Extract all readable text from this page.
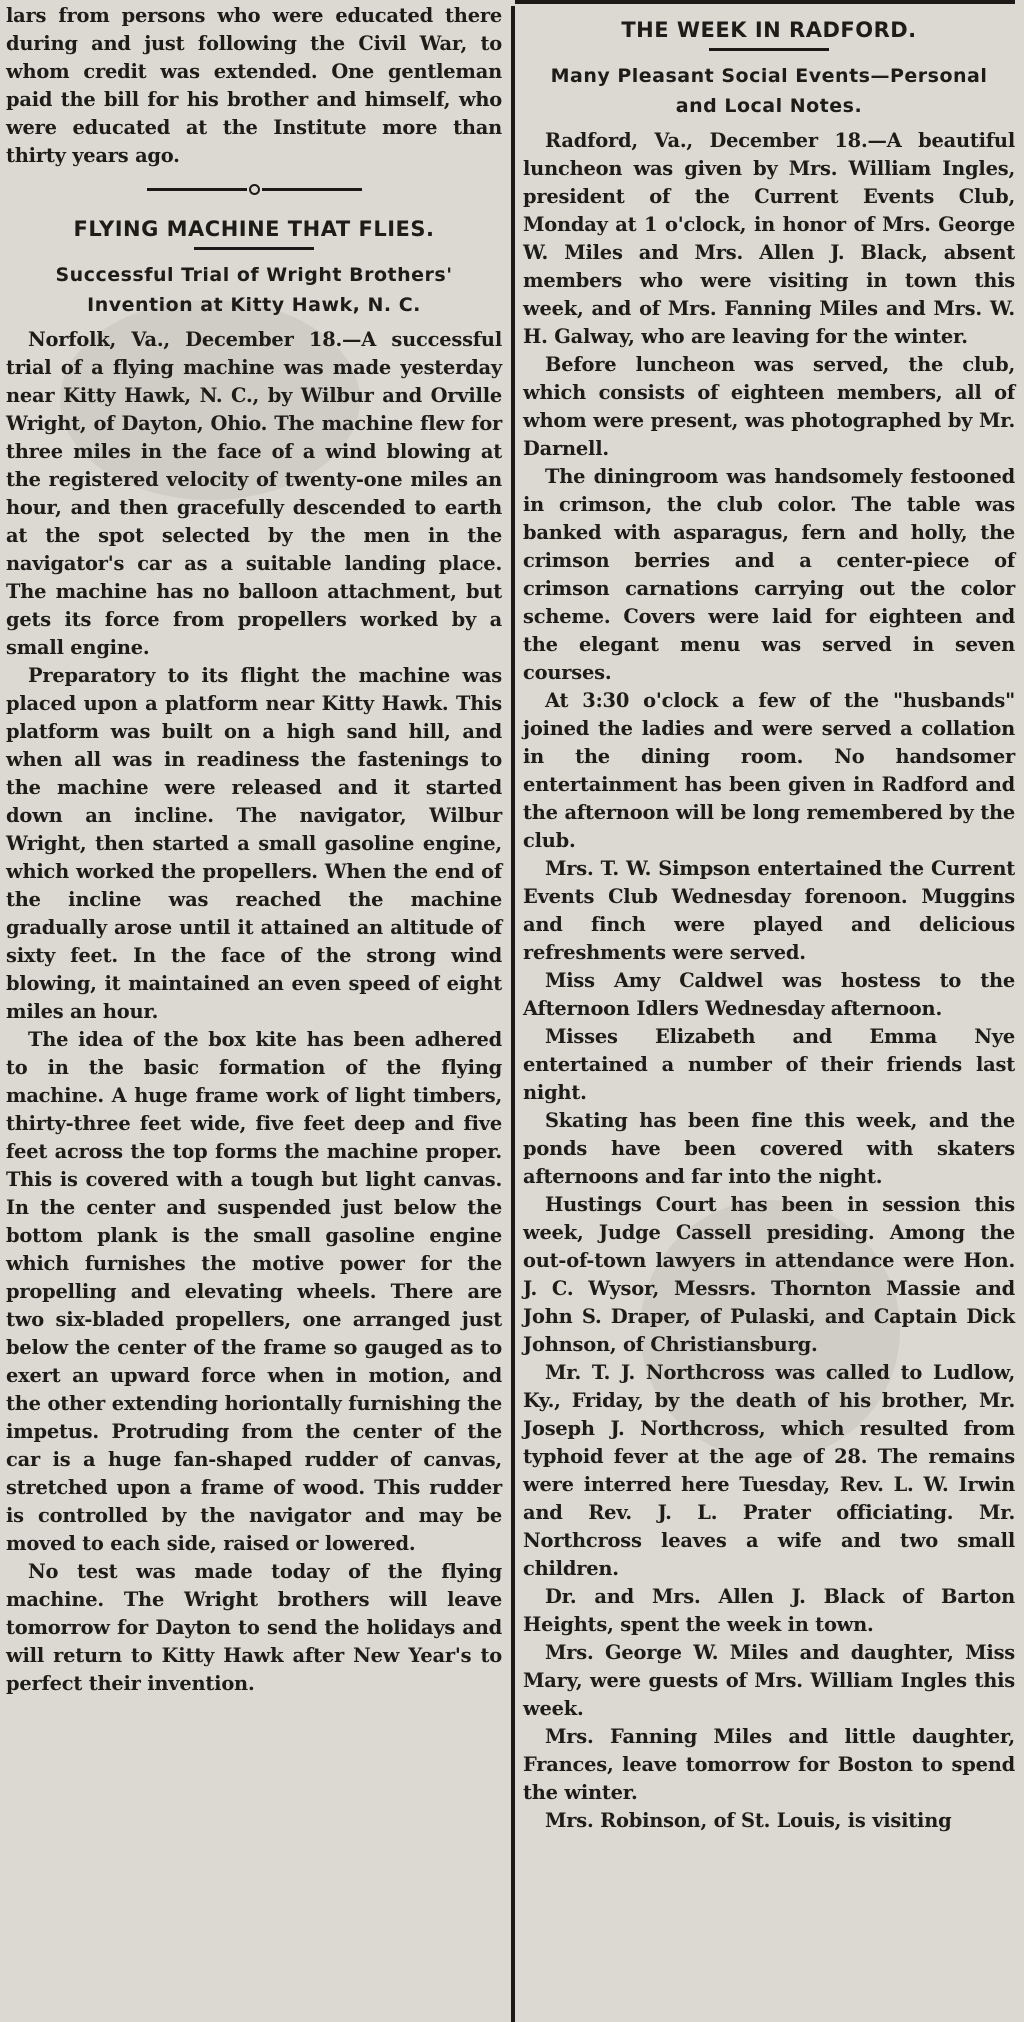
lars from persons who were educated there during and just following the Civil War, to whom credit was extended. One gentleman paid the bill for his brother and himself, who were educated at the Institute more than thirty years ago.

FLYING MACHINE THAT FLIES.
Successful Trial of Wright Brothers' Invention at Kitty Hawk, N. C.

Norfolk, Va., December 18.—A successful trial of a flying machine was made yesterday near Kitty Hawk, N. C., by Wilbur and Orville Wright, of Dayton, Ohio. The machine flew for three miles in the face of a wind blowing at the registered velocity of twenty-one miles an hour, and then gracefully descended to earth at the spot selected by the men in the navigator's car as a suitable landing place. The machine has no balloon attachment, but gets its force from propellers worked by a small engine.

Preparatory to its flight the machine was placed upon a platform near Kitty Hawk. This platform was built on a high sand hill, and when all was in readiness the fastenings to the machine were released and it started down an incline. The navigator, Wilbur Wright, then started a small gasoline engine, which worked the propellers. When the end of the incline was reached the machine gradually arose until it attained an altitude of sixty feet. In the face of the strong wind blowing, it maintained an even speed of eight miles an hour.

The idea of the box kite has been adhered to in the basic formation of the flying machine. A huge frame work of light timbers, thirty-three feet wide, five feet deep and five feet across the top forms the machine proper. This is covered with a tough but light canvas. In the center and suspended just below the bottom plank is the small gasoline engine which furnishes the motive power for the propelling and elevating wheels. There are two six-bladed propellers, one arranged just below the center of the frame so gauged as to exert an upward force when in motion, and the other extending horiontally furnishing the impetus. Protruding from the center of the car is a huge fan-shaped rudder of canvas, stretched upon a frame of wood. This rudder is controlled by the navigator and may be moved to each side, raised or lowered.

No test was made today of the flying machine. The Wright brothers will leave tomorrow for Dayton to send the holidays and will return to Kitty Hawk after New Year's to perfect their invention.

THE WEEK IN RADFORD.
Many Pleasant Social Events—Personal and Local Notes.

Radford, Va., December 18.—A beautiful luncheon was given by Mrs. William Ingles, president of the Current Events Club, Monday at 1 o'clock, in honor of Mrs. George W. Miles and Mrs. Allen J. Black, absent members who were visiting in town this week, and of Mrs. Fanning Miles and Mrs. W. H. Galway, who are leaving for the winter.

Before luncheon was served, the club, which consists of eighteen members, all of whom were present, was photographed by Mr. Darnell.

The diningroom was handsomely festooned in crimson, the club color. The table was banked with asparagus, fern and holly, the crimson berries and a center-piece of crimson carnations carrying out the color scheme. Covers were laid for eighteen and the elegant menu was served in seven courses.

At 3:30 o'clock a few of the "husbands" joined the ladies and were served a collation in the dining room. No handsomer entertainment has been given in Radford and the afternoon will be long remembered by the club.

Mrs. T. W. Simpson entertained the Current Events Club Wednesday forenoon. Muggins and finch were played and delicious refreshments were served.

Miss Amy Caldwel was hostess to the Afternoon Idlers Wednesday afternoon.

Misses Elizabeth and Emma Nye entertained a number of their friends last night.

Skating has been fine this week, and the ponds have been covered with skaters afternoons and far into the night.

Hustings Court has been in session this week, Judge Cassell presiding. Among the out-of-town lawyers in attendance were Hon. J. C. Wysor, Messrs. Thornton Massie and John S. Draper, of Pulaski, and Captain Dick Johnson, of Christiansburg.

Mr. T. J. Northcross was called to Ludlow, Ky., Friday, by the death of his brother, Mr. Joseph J. Northcross, which resulted from typhoid fever at the age of 28. The remains were interred here Tuesday, Rev. L. W. Irwin and Rev. J. L. Prater officiating. Mr. Northcross leaves a wife and two small children.

Dr. and Mrs. Allen J. Black of Barton Heights, spent the week in town.

Mrs. George W. Miles and daughter, Miss Mary, were guests of Mrs. William Ingles this week.

Mrs. Fanning Miles and little daughter, Frances, leave tomorrow for Boston to spend the winter.

Mrs. Robinson, of St. Louis, is visiting
